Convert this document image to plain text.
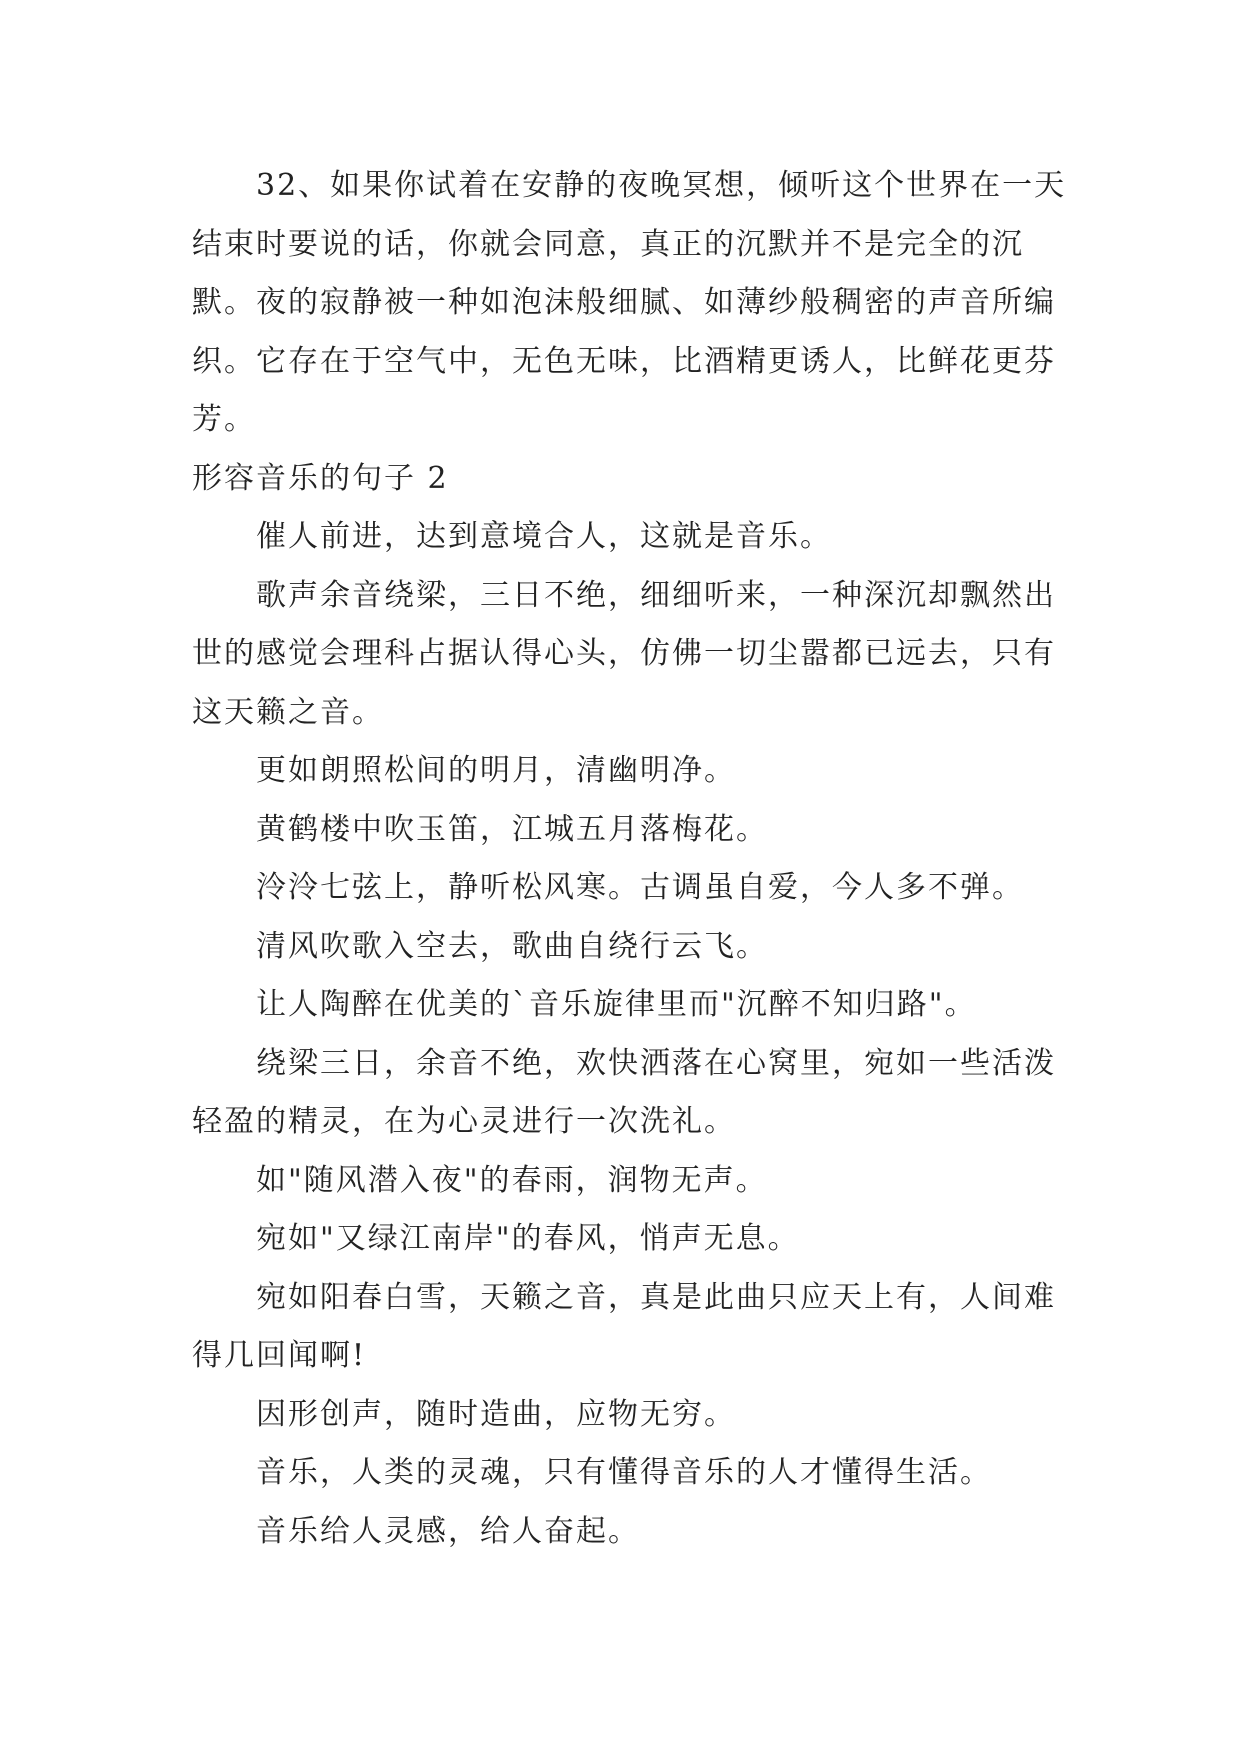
32、如果你试着在安静的夜晚冥想，倾听这个世界在一天结束时要说的话，你就会同意，真正的沉默并不是完全的沉默。夜的寂静被一种如泡沫般细腻、如薄纱般稠密的声音所编织。它存在于空气中，无色无味，比酒精更诱人，比鲜花更芬芳。

形容音乐的句子 2

催人前进，达到意境合人，这就是音乐。

歌声余音绕梁，三日不绝，细细听来，一种深沉却飘然出世的感觉会理科占据认得心头，仿佛一切尘嚣都已远去，只有这天籁之音。

更如朗照松间的明月，清幽明净。

黄鹤楼中吹玉笛，江城五月落梅花。

泠泠七弦上，静听松风寒。古调虽自爱，今人多不弹。

清风吹歌入空去，歌曲自绕行云飞。

让人陶醉在优美的`音乐旋律里而"沉醉不知归路"。

绕梁三日，余音不绝，欢快洒落在心窝里，宛如一些活泼轻盈的精灵，在为心灵进行一次洗礼。

如"随风潜入夜"的春雨，润物无声。

宛如"又绿江南岸"的春风，悄声无息。

宛如阳春白雪，天籁之音，真是此曲只应天上有，人间难得几回闻啊!

因形创声，随时造曲，应物无穷。

音乐，人类的灵魂，只有懂得音乐的人才懂得生活。

音乐给人灵感，给人奋起。
